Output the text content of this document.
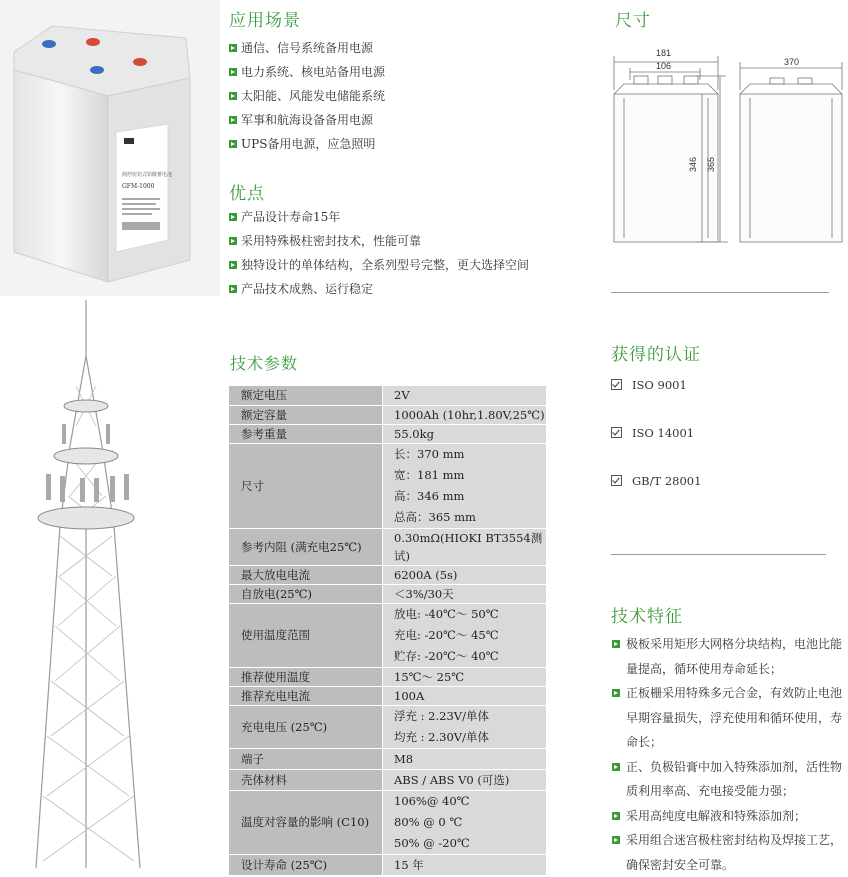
阀控密封式铅酸蓄电池
GFM-1000
应用场景
通信、信号系统备用电源
电力系统、核电站备用电源
太阳能、风能发电储能系统
军事和航海设备备用电源
UPS备用电源，应急照明
优点
产品设计寿命15年
采用特殊极柱密封技术，性能可靠
独特设计的单体结构，全系列型号完整，更大选择空间
产品技术成熟、运行稳定
技术参数
额定电压	2V

额定容量	1000Ah (10hr,1.80V,25℃)

参考重量	55.0kg

尺寸	长：370 mm
宽：181 mm
高：346 mm
总高：365 mm

参考内阻 (满充电25℃)	0.30mΩ(HIOKI BT3554测试)

最大放电电流	6200A (5s)

自放电(25℃)	＜3%/30天

使用温度范围	放电: -40℃～ 50℃
充电: -20℃～ 45℃
贮存: -20℃～ 40℃

推荐使用温度	15℃～ 25℃

推荐充电电流	100A

充电电压 (25℃)	浮充 : 2.23V/单体
均充 : 2.30V/单体

端子	M8

壳体材料	ABS / ABS V0 (可选)

温度对容量的影响 (C10)	106%@ 40℃
80% @ 0 ℃
50% @ -20℃

设计寿命 (25℃)	15 年
尺寸
181
106	370
346 365
获得的认证
ISO 9001
ISO 14001
GB/T 28001
技术特征
极板采用矩形大网格分块结构，电池比能量提高，循环使用寿命延长；
正板栅采用特殊多元合金，有效防止电池早期容量损失，浮充使用和循环使用，寿命长；
正、负极铅膏中加入特殊添加剂，活性物质利用率高、充电接受能力强；
采用高纯度电解液和特殊添加剂；
采用组合迷宫极柱密封结构及焊接工艺，确保密封安全可靠。
